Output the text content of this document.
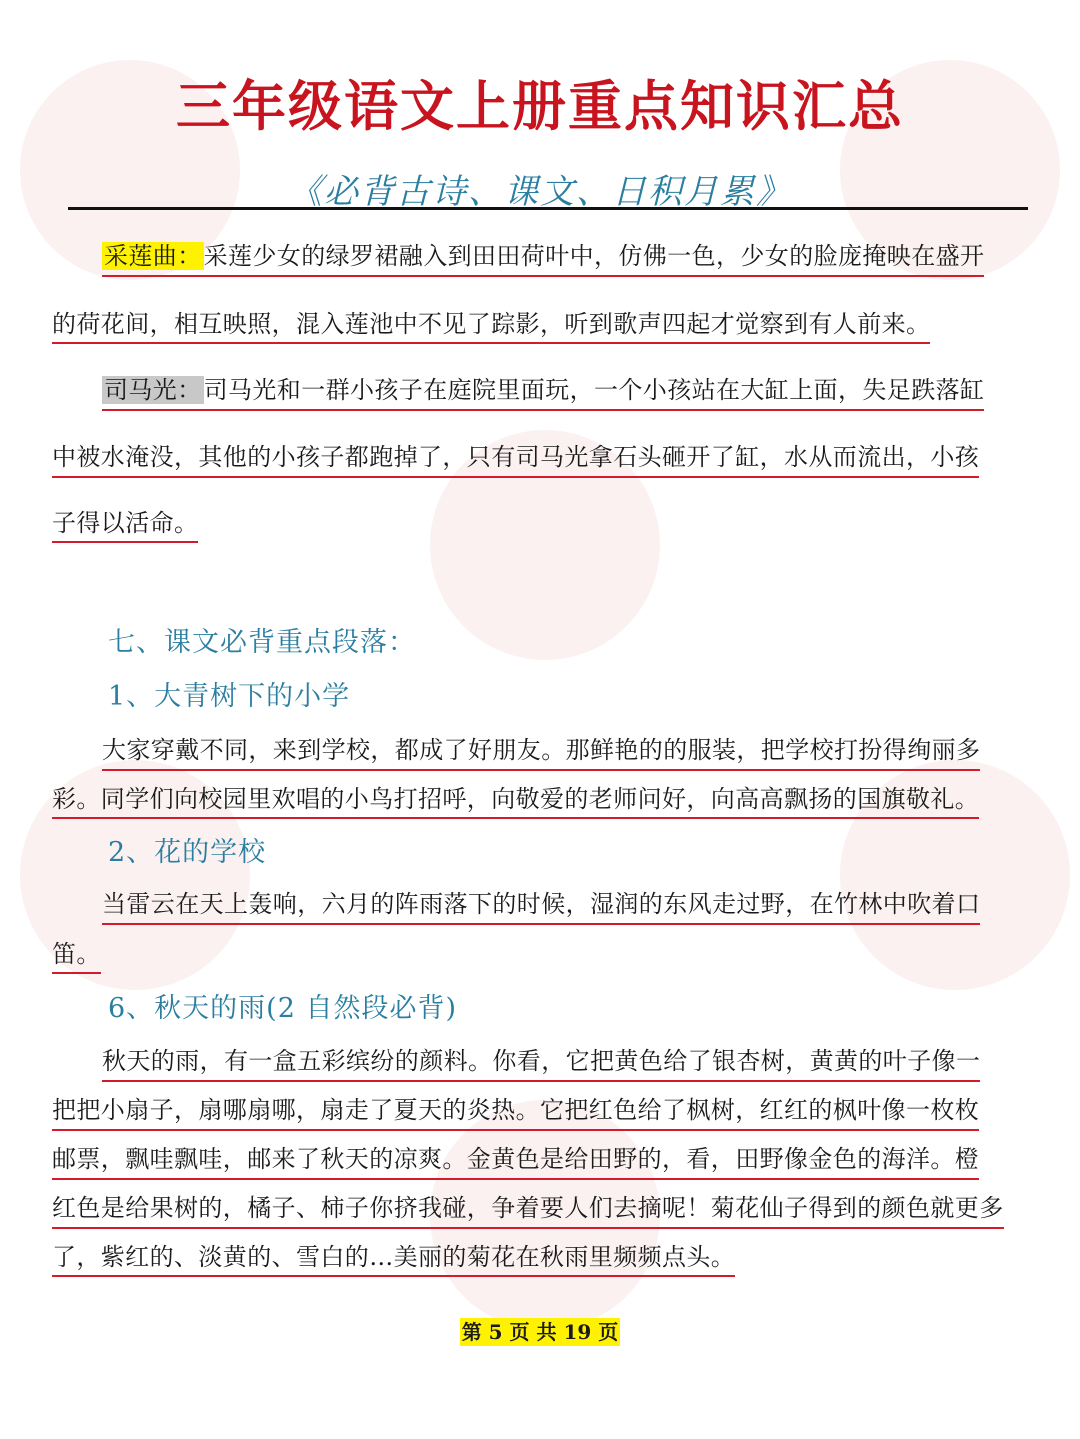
三年级语文上册重点知识汇总
《必背古诗、课文、日积月累》
采莲曲：采莲少女的绿罗裙融入到田田荷叶中，仿佛一色，少女的脸庞掩映在盛开
的荷花间，相互映照，混入莲池中不见了踪影，听到歌声四起才觉察到有人前来。
司马光：司马光和一群小孩子在庭院里面玩，一个小孩站在大缸上面，失足跌落缸
中被水淹没，其他的小孩子都跑掉了，只有司马光拿石头砸开了缸，水从而流出，小孩
子得以活命。
七、课文必背重点段落：
1、大青树下的小学
大家穿戴不同，来到学校，都成了好朋友。那鲜艳的的服装，把学校打扮得绚丽多
彩。同学们向校园里欢唱的小鸟打招呼，向敬爱的老师问好，向高高飘扬的国旗敬礼。
2、花的学校
当雷云在天上轰响，六月的阵雨落下的时候，湿润的东风走过野，在竹林中吹着口
笛。
6、秋天的雨(2 自然段必背)
秋天的雨，有一盒五彩缤纷的颜料。你看，它把黄色给了银杏树，黄黄的叶子像一
把把小扇子，扇哪扇哪，扇走了夏天的炎热。它把红色给了枫树，红红的枫叶像一枚枚
邮票，飘哇飘哇，邮来了秋天的凉爽。金黄色是给田野的，看，田野像金色的海洋。橙
红色是给果树的，橘子、柿子你挤我碰，争着要人们去摘呢！菊花仙子得到的颜色就更多
了，紫红的、淡黄的、雪白的…美丽的菊花在秋雨里频频点头。
第 5 页 共 19 页
